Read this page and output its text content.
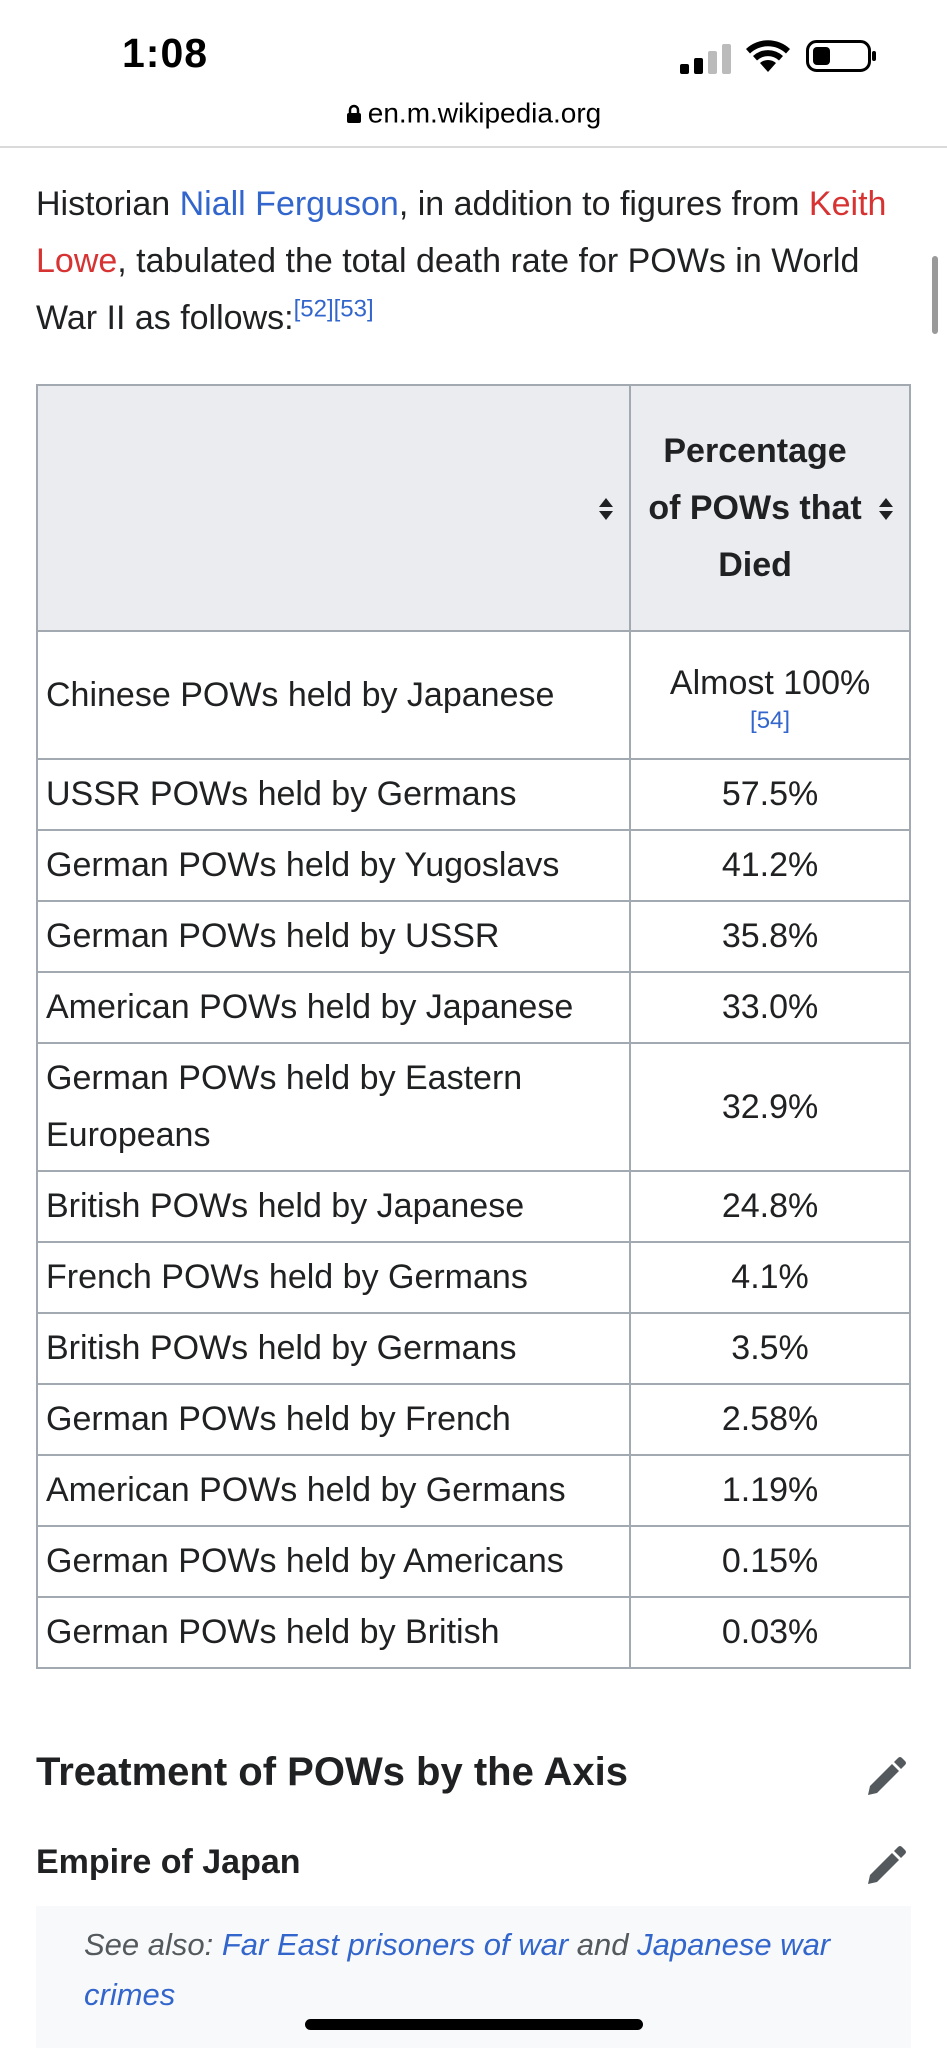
1:08
en.m.wikipedia.org
Historian Niall Ferguson, in addition to figures from Keith Lowe, tabulated the total death rate for POWs in World War II as follows:[52][53]
	Percentage of POWs that Died

Chinese POWs held by Japanese	Almost 100%
[54]

USSR POWs held by Germans	57.5%
German POWs held by Yugoslavs	41.2%
German POWs held by USSR	35.8%
American POWs held by Japanese	33.0%
German POWs held by Eastern Europeans	32.9%
British POWs held by Japanese	24.8%
French POWs held by Germans	4.1%
British POWs held by Germans	3.5%
German POWs held by French	2.58%
American POWs held by Germans	1.19%
German POWs held by Americans	0.15%
German POWs held by British	0.03%
Treatment of POWs by the Axis
Empire of Japan

See also: Far East prisoners of war and Japanese war crimes
